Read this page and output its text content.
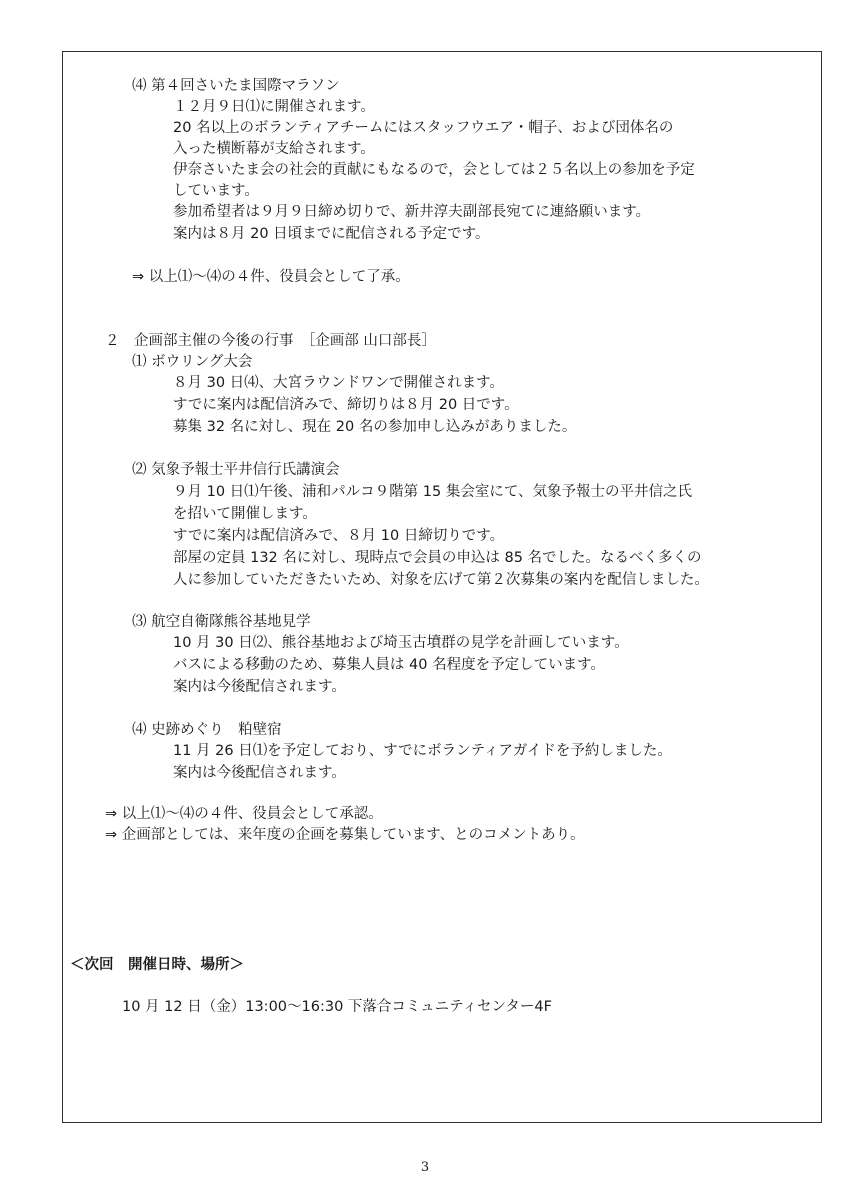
⑷ 第４回さいたま国際マラソン
１２月９日⑴に開催されます。
20 名以上のボランティアチームにはスタッフウエア・帽子、および団体名の
入った横断幕が支給されます。
伊奈さいたま会の社会的貢献にもなるので，会としては２５名以上の参加を予定
しています。
参加希望者は９月９日締め切りで、新井淳夫副部長宛てに連絡願います。
案内は８月 20 日頃までに配信される予定です。
⇒ 以上⑴～⑷の４件、役員会として了承。
２　企画部主催の今後の行事　［企画部 山口部長］
⑴ ボウリング大会
８月 30 日⑷、大宮ラウンドワンで開催されます。
すでに案内は配信済みで、締切りは８月 20 日です。
募集 32 名に対し、現在 20 名の参加申し込みがありました。
⑵ 気象予報士平井信行氏講演会
９月 10 日⑴午後、浦和パルコ９階第 15 集会室にて、気象予報士の平井信之氏
を招いて開催します。
すでに案内は配信済みで、８月 10 日締切りです。
部屋の定員 132 名に対し、現時点で会員の申込は 85 名でした。なるべく多くの
人に参加していただきたいため、対象を広げて第２次募集の案内を配信しました。
⑶ 航空自衛隊熊谷基地見学
10 月 30 日⑵、熊谷基地および埼玉古墳群の見学を計画しています。
バスによる移動のため、募集人員は 40 名程度を予定しています。
案内は今後配信されます。
⑷ 史跡めぐり　粕壁宿
11 月 26 日⑴を予定しており、すでにボランティアガイドを予約しました。
案内は今後配信されます。
⇒ 以上⑴～⑷の４件、役員会として承認。
⇒ 企画部としては、来年度の企画を募集しています、とのコメントあり。
＜次回　開催日時、場所＞
10 月 12 日（金）13:00～16:30 下落合コミュニティセンター4F
3
